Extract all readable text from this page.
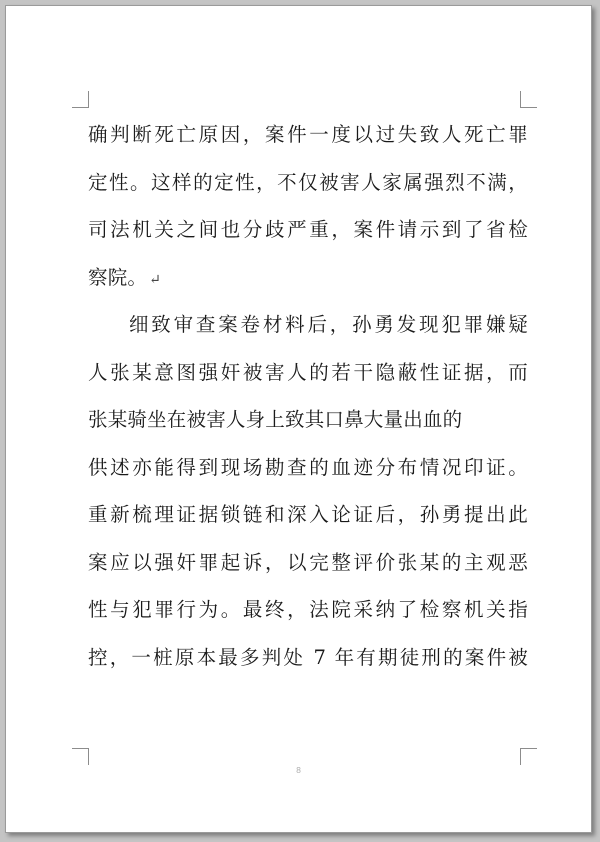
确判断死亡原因，案件一度以过失致人死亡罪
定性。这样的定性，不仅被害人家属强烈不满，
司法机关之间也分歧严重，案件请示到了省检
察院。 ↵
细致审查案卷材料后，孙勇发现犯罪嫌疑
人张某意图强奸被害人的若干隐蔽性证据，而
张某骑坐在被害人身上致其口鼻大量出血的
供述亦能得到现场勘查的血迹分布情况印证。
重新梳理证据锁链和深入论证后，孙勇提出此
案应以强奸罪起诉，以完整评价张某的主观恶
性与犯罪行为。最终，法院采纳了检察机关指
控，一桩原本最多判处 7 年有期徒刑的案件被
8
